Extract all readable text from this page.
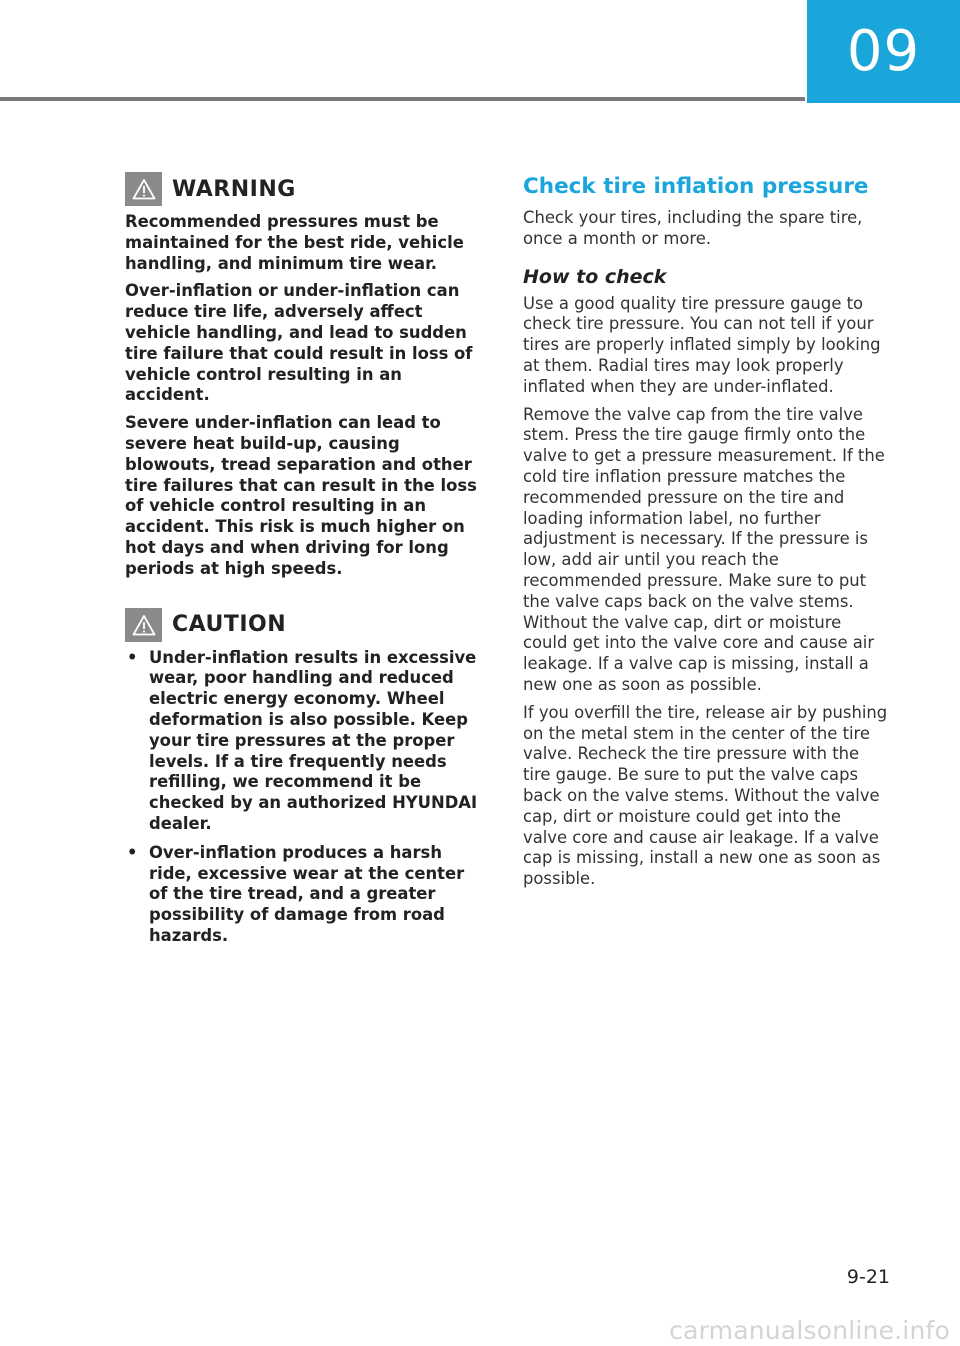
09
WARNING

Recommended pressures must be maintained for the best ride, vehicle handling, and minimum tire wear.

Over-inflation or under-inflation can reduce tire life, adversely affect vehicle handling, and lead to sudden tire failure that could result in loss of vehicle control resulting in an accident.

Severe under-inflation can lead to severe heat build-up, causing blowouts, tread separation and other tire failures that can result in the loss of vehicle control resulting in an accident. This risk is much higher on hot days and when driving for long periods at high speeds.

CAUTION
• Under-inflation results in excessive wear, poor handling and reduced electric energy economy. Wheel deformation is also possible. Keep your tire pressures at the proper levels. If a tire frequently needs refilling, we recommend it be checked by an authorized HYUNDAI dealer.
• Over-inflation produces a harsh ride, excessive wear at the center of the tire tread, and a greater possibility of damage from road hazards.
Check tire inflation pressure

Check your tires, including the spare tire, once a month or more.

How to check

Use a good quality tire pressure gauge to check tire pressure. You can not tell if your tires are properly inflated simply by looking at them. Radial tires may look properly inflated when they are under-inflated.

Remove the valve cap from the tire valve stem. Press the tire gauge firmly onto the valve to get a pressure measurement. If the cold tire inflation pressure matches the recommended pressure on the tire and loading information label, no further adjustment is necessary. If the pressure is low, add air until you reach the recommended pressure. Make sure to put the valve caps back on the valve stems. Without the valve cap, dirt or moisture could get into the valve core and cause air leakage. If a valve cap is missing, install a new one as soon as possible.

If you overfill the tire, release air by pushing on the metal stem in the center of the tire valve. Recheck the tire pressure with the tire gauge. Be sure to put the valve caps back on the valve stems. Without the valve cap, dirt or moisture could get into the valve core and cause air leakage. If a valve cap is missing, install a new one as soon as possible.

9-21
carmanualsonline.info
